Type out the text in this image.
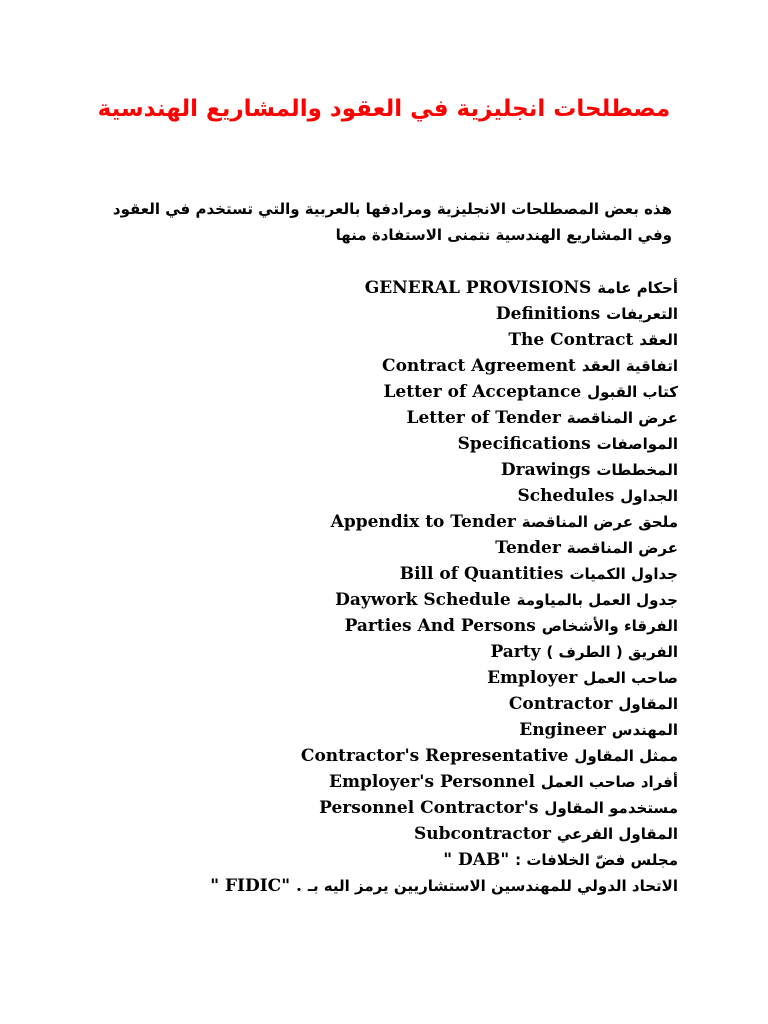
مصطلحات انجليزية في العقود والمشاريع الهندسية
هذه بعض المصطلحات الانجليزية ومرادفها بالعربية والتي تستخدم في العقود
وفي المشاريع الهندسية نتمنى الاستفادة منها
أحكام عامة GENERAL PROVISIONS
التعريفات Definitions
العقد The Contract
اتفاقية العقد Contract Agreement
كتاب القبول Letter of Acceptance
عرض المناقصة Letter of Tender
المواصفات Specifications
المخططات Drawings
الجداول Schedules
ملحق عرض المناقصة Appendix to Tender
عرض المناقصة Tender
جداول الكميات Bill of Quantities
جدول العمل بالمياومة Daywork Schedule
الفرقاء والأشخاص Parties And Persons
الفريق ( الطرف ) Party
صاحب العمل Employer
المقاول Contractor
المهندس Engineer
ممثل المقاول Contractor's Representative
أفراد صاحب العمل Employer's Personnel
مستخدمو المقاول Personnel Contractor's
المقاول الفرعي Subcontractor
مجلس فضّ الخلافات : " DAB"
الاتحاد الدولي للمهندسين الاستشاريين يرمز اليه بـ " FIDIC" .
